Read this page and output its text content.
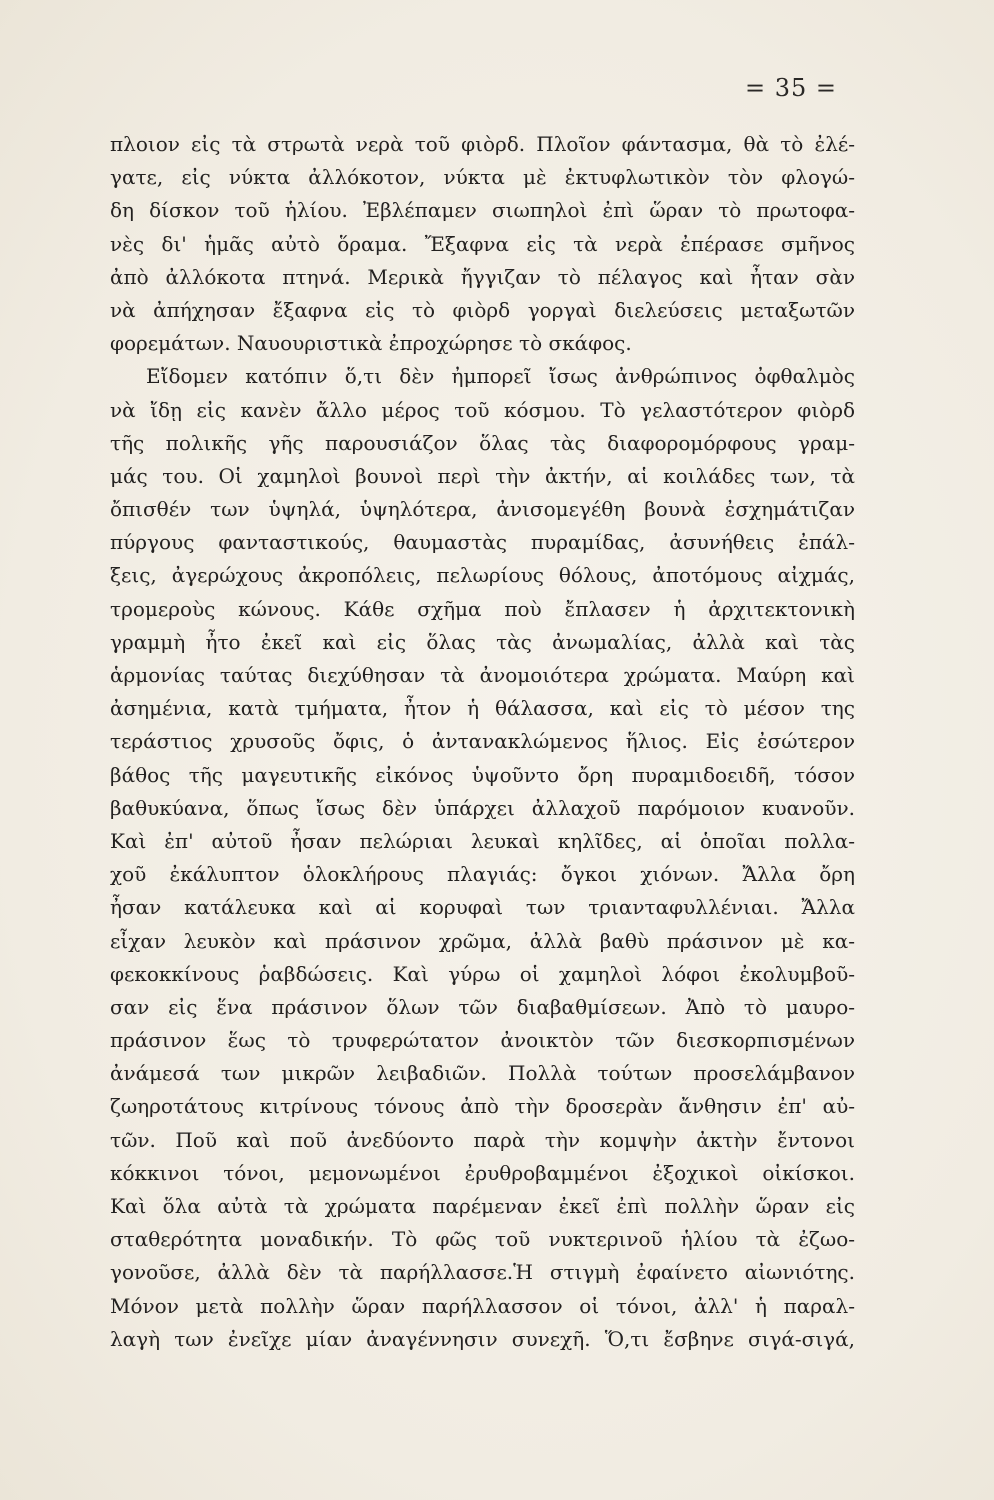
= 35 =
πλοιον εἰς τὰ στρωτὰ νερὰ τοῦ φιὸρδ. Πλοῖον φάντασμα, θὰ τὸ ἐλέ-
γατε, εἰς νύκτα ἀλλόκοτον, νύκτα μὲ ἐκτυφλωτικὸν τὸν φλογώ-
δη δίσκον τοῦ ἡλίου. Ἐβλέπαμεν σιωπηλοὶ ἐπὶ ὥραν τὸ πρωτοφα-
νὲς δι' ἡμᾶς αὐτὸ ὅραμα. Ἔξαφνα εἰς τὰ νερὰ ἐπέρασε σμῆνος
ἀπὸ ἀλλόκοτα πτηνά. Μερικὰ ἤγγιζαν τὸ πέλαγος καὶ ἦταν σὰν
νὰ ἀπήχησαν ἔξαφνα εἰς τὸ φιὸρδ γοργαὶ διελεύσεις μεταξωτῶν
φορεμάτων. Ναυουριστικὰ ἐπροχώρησε τὸ σκάφος.
Εἴδομεν κατόπιν ὅ,τι δὲν ἠμπορεῖ ἴσως ἀνθρώπινος ὀφθαλμὸς
νὰ ἴδῃ εἰς κανὲν ἄλλο μέρος τοῦ κόσμου. Τὸ γελαστότερον φιὸρδ
τῆς πολικῆς γῆς παρουσιάζον ὅλας τὰς διαφορομόρφους γραμ-
μάς του. Οἱ χαμηλοὶ βουνοὶ περὶ τὴν ἀκτήν, αἱ κοιλάδες των, τὰ
ὄπισθέν των ὑψηλά, ὑψηλότερα, ἀνισομεγέθη βουνὰ ἐσχημάτιζαν
πύργους φανταστικούς, θαυμαστὰς πυραμίδας, ἀσυνήθεις ἐπάλ-
ξεις, ἀγερώχους ἀκροπόλεις, πελωρίους θόλους, ἀποτόμους αἰχμάς,
τρομεροὺς κώνους. Κάθε σχῆμα ποὺ ἔπλασεν ἡ ἀρχιτεκτονικὴ
γραμμὴ ἦτο ἐκεῖ καὶ εἰς ὅλας τὰς ἀνωμαλίας, ἀλλὰ καὶ τὰς
ἁρμονίας ταύτας διεχύθησαν τὰ ἀνομοιότερα χρώματα. Μαύρη καὶ
ἀσημένια, κατὰ τμήματα, ἦτον ἡ θάλασσα, καὶ εἰς τὸ μέσον της
τεράστιος χρυσοῦς ὄφις, ὁ ἀντανακλώμενος ἥλιος. Εἰς ἐσώτερον
βάθος τῆς μαγευτικῆς εἰκόνος ὑψοῦντο ὄρη πυραμιδοειδῆ, τόσον
βαθυκύανα, ὅπως ἴσως δὲν ὑπάρχει ἀλλαχοῦ παρόμοιον κυανοῦν.
Καὶ ἐπ' αὐτοῦ ἦσαν πελώριαι λευκαὶ κηλῖδες, αἱ ὁποῖαι πολλα-
χοῦ ἐκάλυπτον ὁλοκλήρους πλαγιάς: ὄγκοι χιόνων. Ἄλλα ὄρη
ἦσαν κατάλευκα καὶ αἱ κορυφαὶ των τριανταφυλλένιαι. Ἄλλα
εἶχαν λευκὸν καὶ πράσινον χρῶμα, ἀλλὰ βαθὺ πράσινον μὲ κα-
φεκοκκίνους ῥαβδώσεις. Καὶ γύρω οἱ χαμηλοὶ λόφοι ἐκολυμβοῦ-
σαν εἰς ἕνα πράσινον ὅλων τῶν διαβαθμίσεων. Ἀπὸ τὸ μαυρο-
πράσινον ἕως τὸ τρυφερώτατον ἀνοικτὸν τῶν διεσκορπισμένων
ἀνάμεσά των μικρῶν λειβαδιῶν. Πολλὰ τούτων προσελάμβανον
ζωηροτάτους κιτρίνους τόνους ἀπὸ τὴν δροσερὰν ἄνθησιν ἐπ' αὐ-
τῶν. Ποῦ καὶ ποῦ ἀνεδύοντο παρὰ τὴν κομψὴν ἀκτὴν ἔντονοι
κόκκινοι τόνοι, μεμονωμένοι ἐρυθροβαμμένοι ἐξοχικοὶ οἰκίσκοι.
Καὶ ὅλα αὐτὰ τὰ χρώματα παρέμεναν ἐκεῖ ἐπὶ πολλὴν ὥραν εἰς
σταθερότητα μοναδικήν. Τὸ φῶς τοῦ νυκτερινοῦ ἡλίου τὰ ἐζωο-
γονοῦσε, ἀλλὰ δὲν τὰ παρήλλασσε.Ἡ στιγμὴ ἐφαίνετο αἰωνιότης.
Μόνον μετὰ πολλὴν ὥραν παρήλλασσον οἱ τόνοι, ἀλλ' ἡ παραλ-
λαγὴ των ἐνεῖχε μίαν ἀναγέννησιν συνεχῆ. Ὅ,τι ἔσβηνε σιγά-σιγά,
